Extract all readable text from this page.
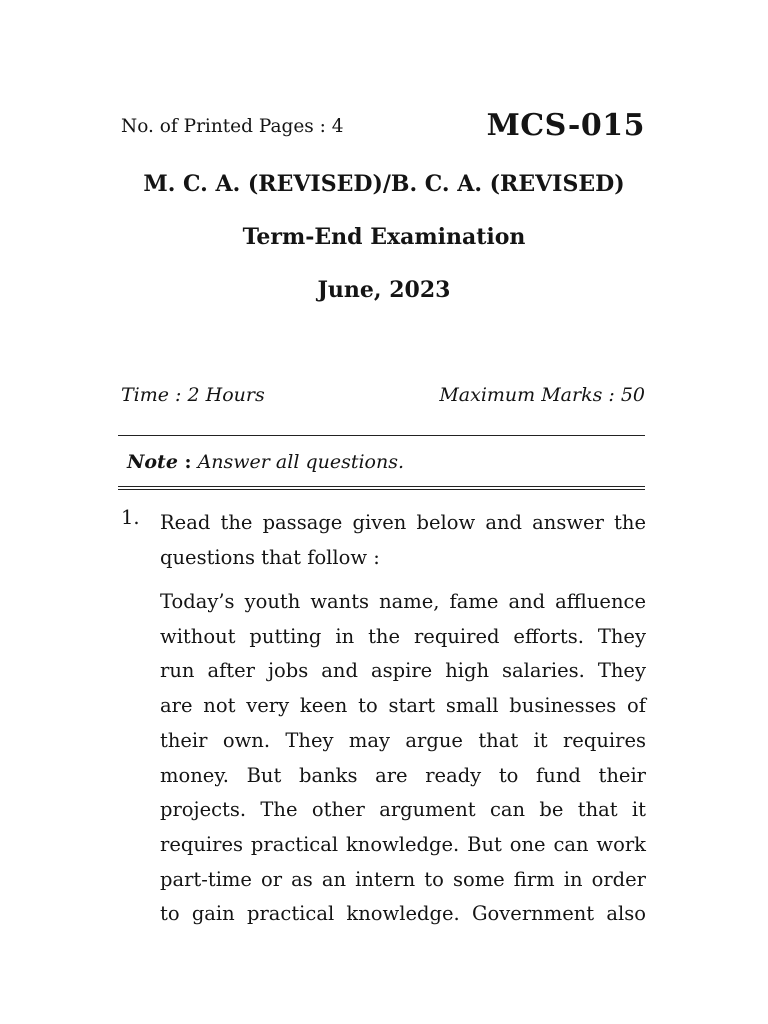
No. of Printed Pages : 4	MCS-015
M. C. A. (REVISED)/B. C. A. (REVISED)
Term-End Examination
June, 2023
Time : 2 Hours	Maximum Marks : 50
Note : Answer all questions.
1. Read the passage given below and answer the questions that follow :
Today’s youth wants name, fame and affluence
without putting in the required efforts. They
run after jobs and aspire high salaries. They
are not very keen to start small businesses of
their own. They may argue that it requires
money. But banks are ready to fund their
projects. The other argument can be that it
requires practical knowledge. But one can work
part-time or as an intern to some firm in order
to gain practical knowledge. Government also
